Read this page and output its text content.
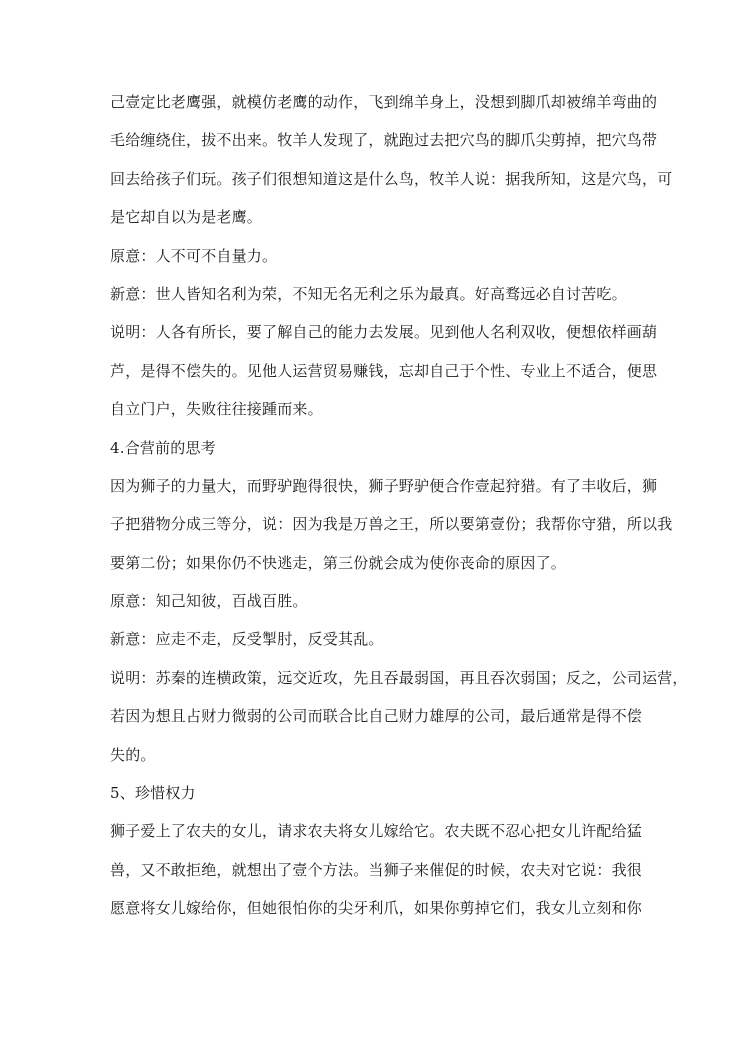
己壹定比老鹰强，就模仿老鹰的动作，飞到绵羊身上，没想到脚爪却被绵羊弯曲的
毛给缠绕住，拔不出来。牧羊人发现了，就跑过去把穴鸟的脚爪尖剪掉，把穴鸟带
回去给孩子们玩。孩子们很想知道这是什么鸟，牧羊人说：据我所知，这是穴鸟，可
是它却自以为是老鹰。
原意：人不可不自量力。
新意：世人皆知名利为荣，不知无名无利之乐为最真。好高骛远必自讨苦吃。
说明：人各有所长，要了解自己的能力去发展。见到他人名利双收，便想依样画葫
芦，是得不偿失的。见他人运营贸易赚钱，忘却自己于个性、专业上不适合，便思
自立门户，失败往往接踵而来。
4.合营前的思考
因为狮子的力量大，而野驴跑得很快，狮子野驴便合作壹起狩猎。有了丰收后，狮
子把猎物分成三等分，说：因为我是万兽之王，所以要第壹份；我帮你守猎，所以我
要第二份；如果你仍不快逃走，第三份就会成为使你丧命的原因了。
原意：知己知彼，百战百胜。
新意：应走不走，反受掣肘，反受其乱。
说明：苏秦的连横政策，远交近攻，先且吞最弱国，再且吞次弱国；反之，公司运营，
若因为想且占财力微弱的公司而联合比自己财力雄厚的公司，最后通常是得不偿
失的。
5、珍惜权力
狮子爱上了农夫的女儿，请求农夫将女儿嫁给它。农夫既不忍心把女儿许配给猛
兽，又不敢拒绝，就想出了壹个方法。当狮子来催促的时候，农夫对它说：我很
愿意将女儿嫁给你，但她很怕你的尖牙利爪，如果你剪掉它们，我女儿立刻和你
